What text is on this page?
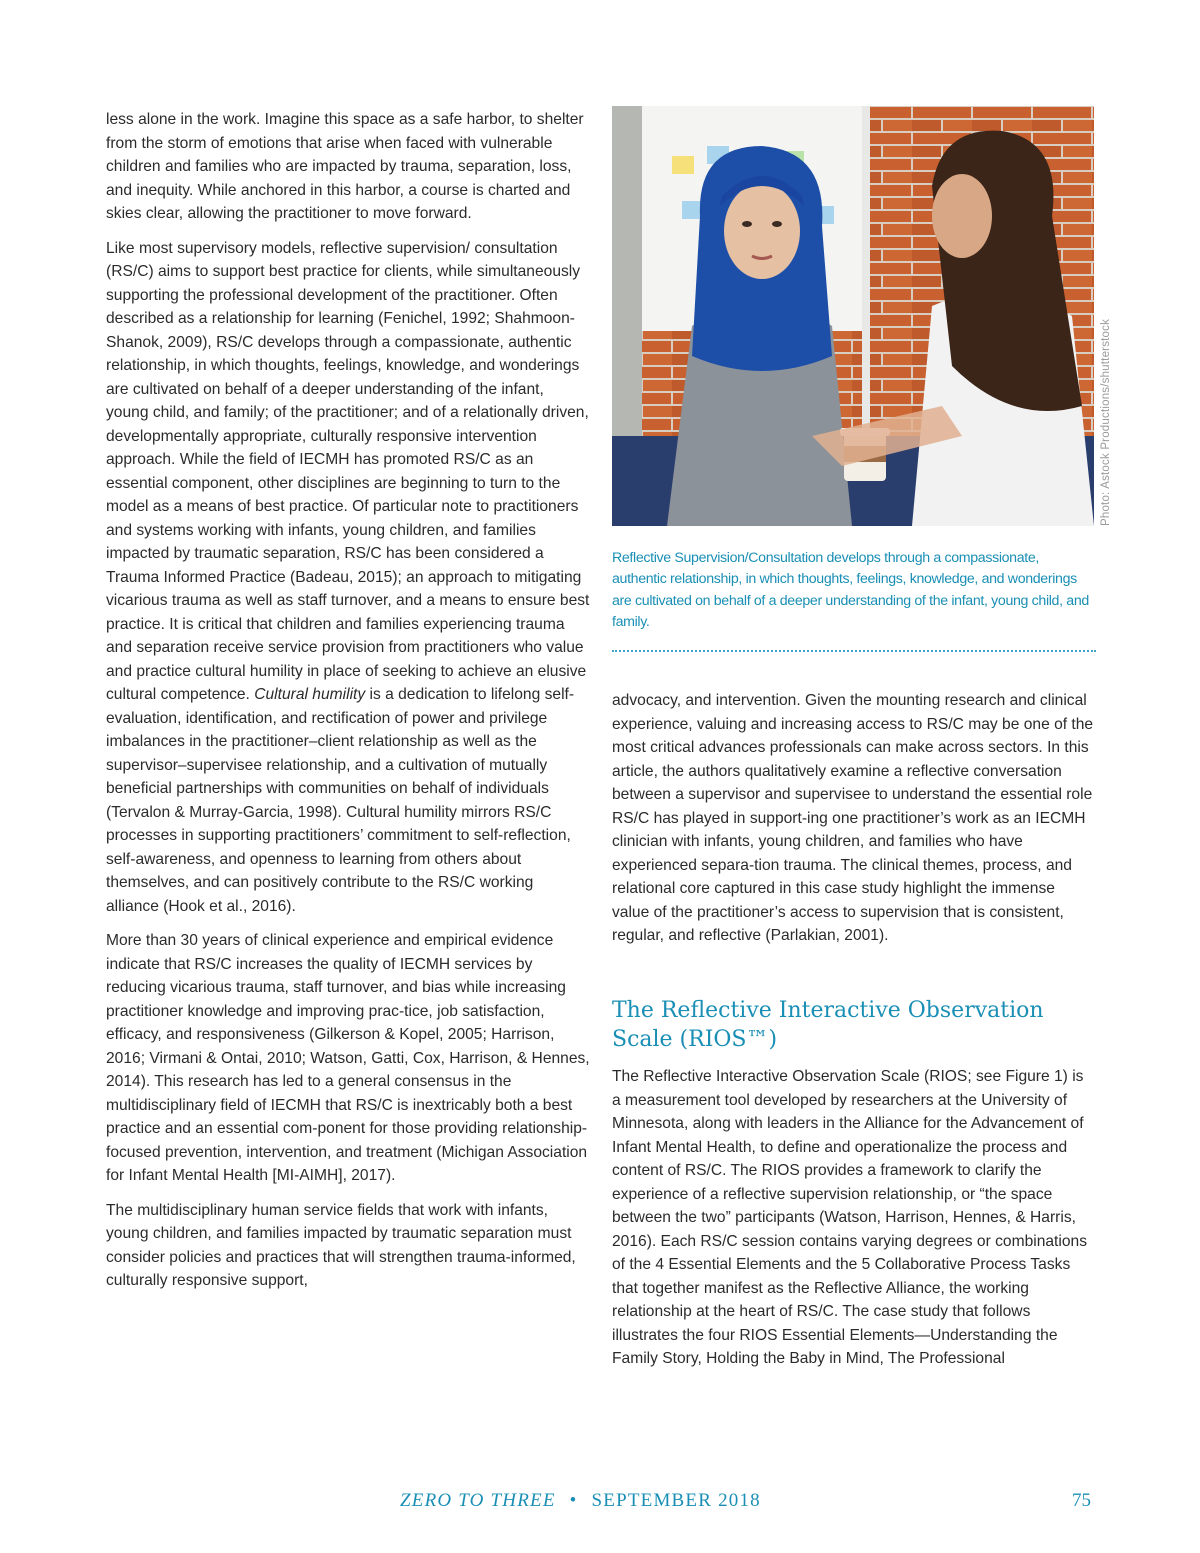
less alone in the work. Imagine this space as a safe harbor, to shelter from the storm of emotions that arise when faced with vulnerable children and families who are impacted by trauma, separation, loss, and inequity. While anchored in this harbor, a course is charted and skies clear, allowing the practitioner to move forward.

Like most supervisory models, reflective supervision/ consultation (RS/C) aims to support best practice for clients, while simultaneously supporting the professional development of the practitioner. Often described as a relationship for learning (Fenichel, 1992; Shahmoon-Shanok, 2009), RS/C develops through a compassionate, authentic relationship, in which thoughts, feelings, knowledge, and wonderings are cultivated on behalf of a deeper understanding of the infant, young child, and family; of the practitioner; and of a relationally driven, developmentally appropriate, culturally responsive intervention approach. While the field of IECMH has promoted RS/C as an essential component, other disciplines are beginning to turn to the model as a means of best practice. Of particular note to practitioners and systems working with infants, young children, and families impacted by traumatic separation, RS/C has been considered a Trauma Informed Practice (Badeau, 2015); an approach to mitigating vicarious trauma as well as staff turnover, and a means to ensure best practice. It is critical that children and families experiencing trauma and separation receive service provision from practitioners who value and practice cultural humility in place of seeking to achieve an elusive cultural competence. Cultural humility is a dedication to lifelong self-evaluation, identification, and rectification of power and privilege imbalances in the practitioner–client relationship as well as the supervisor–supervisee relationship, and a cultivation of mutually beneficial partnerships with communities on behalf of individuals (Tervalon & Murray-Garcia, 1998). Cultural humility mirrors RS/C processes in supporting practitioners’ commitment to self-reflection, self-awareness, and openness to learning from others about themselves, and can positively contribute to the RS/C working alliance (Hook et al., 2016).

More than 30 years of clinical experience and empirical evidence indicate that RS/C increases the quality of IECMH services by reducing vicarious trauma, staff turnover, and bias while increasing practitioner knowledge and improving prac-tice, job satisfaction, efficacy, and responsiveness (Gilkerson & Kopel, 2005; Harrison, 2016; Virmani & Ontai, 2010; Watson, Gatti, Cox, Harrison, & Hennes, 2014). This research has led to a general consensus in the multidisciplinary field of IECMH that RS/C is inextricably both a best practice and an essential com-ponent for those providing relationship-focused prevention, intervention, and treatment (Michigan Association for Infant Mental Health [MI-AIMH], 2017).

The multidisciplinary human service fields that work with infants, young children, and families impacted by traumatic separation must consider policies and practices that will strengthen trauma-informed, culturally responsive support,

Photo: Astock Productions/shutterstock
Reflective Supervision/Consultation develops through a compassionate, authentic relationship, in which thoughts, feelings, knowledge, and wonderings are cultivated on behalf of a deeper understanding of the infant, young child, and family.

advocacy, and intervention. Given the mounting research and clinical experience, valuing and increasing access to RS/C may be one of the most critical advances professionals can make across sectors. In this article, the authors qualitatively examine a reflective conversation between a supervisor and supervisee to understand the essential role RS/C has played in support-ing one practitioner’s work as an IECMH clinician with infants, young children, and families who have experienced separa-tion trauma. The clinical themes, process, and relational core captured in this case study highlight the immense value of the practitioner’s access to supervision that is consistent, regular, and reflective (Parlakian, 2001).

The Reflective Interactive Observation Scale (RIOS™)

The Reflective Interactive Observation Scale (RIOS; see Figure 1) is a measurement tool developed by researchers at the University of Minnesota, along with leaders in the Alliance for the Advancement of Infant Mental Health, to define and operationalize the process and content of RS/C. The RIOS provides a framework to clarify the experience of a reflective supervision relationship, or “the space between the two” participants (Watson, Harrison, Hennes, & Harris, 2016). Each RS/C session contains varying degrees or combinations of the 4 Essential Elements and the 5 Collaborative Process Tasks that together manifest as the Reflective Alliance, the working relationship at the heart of RS/C. The case study that follows illustrates the four RIOS Essential Elements—Understanding the Family Story, Holding the Baby in Mind, The Professional

ZERO TO THREE • SEPTEMBER 2018	75
